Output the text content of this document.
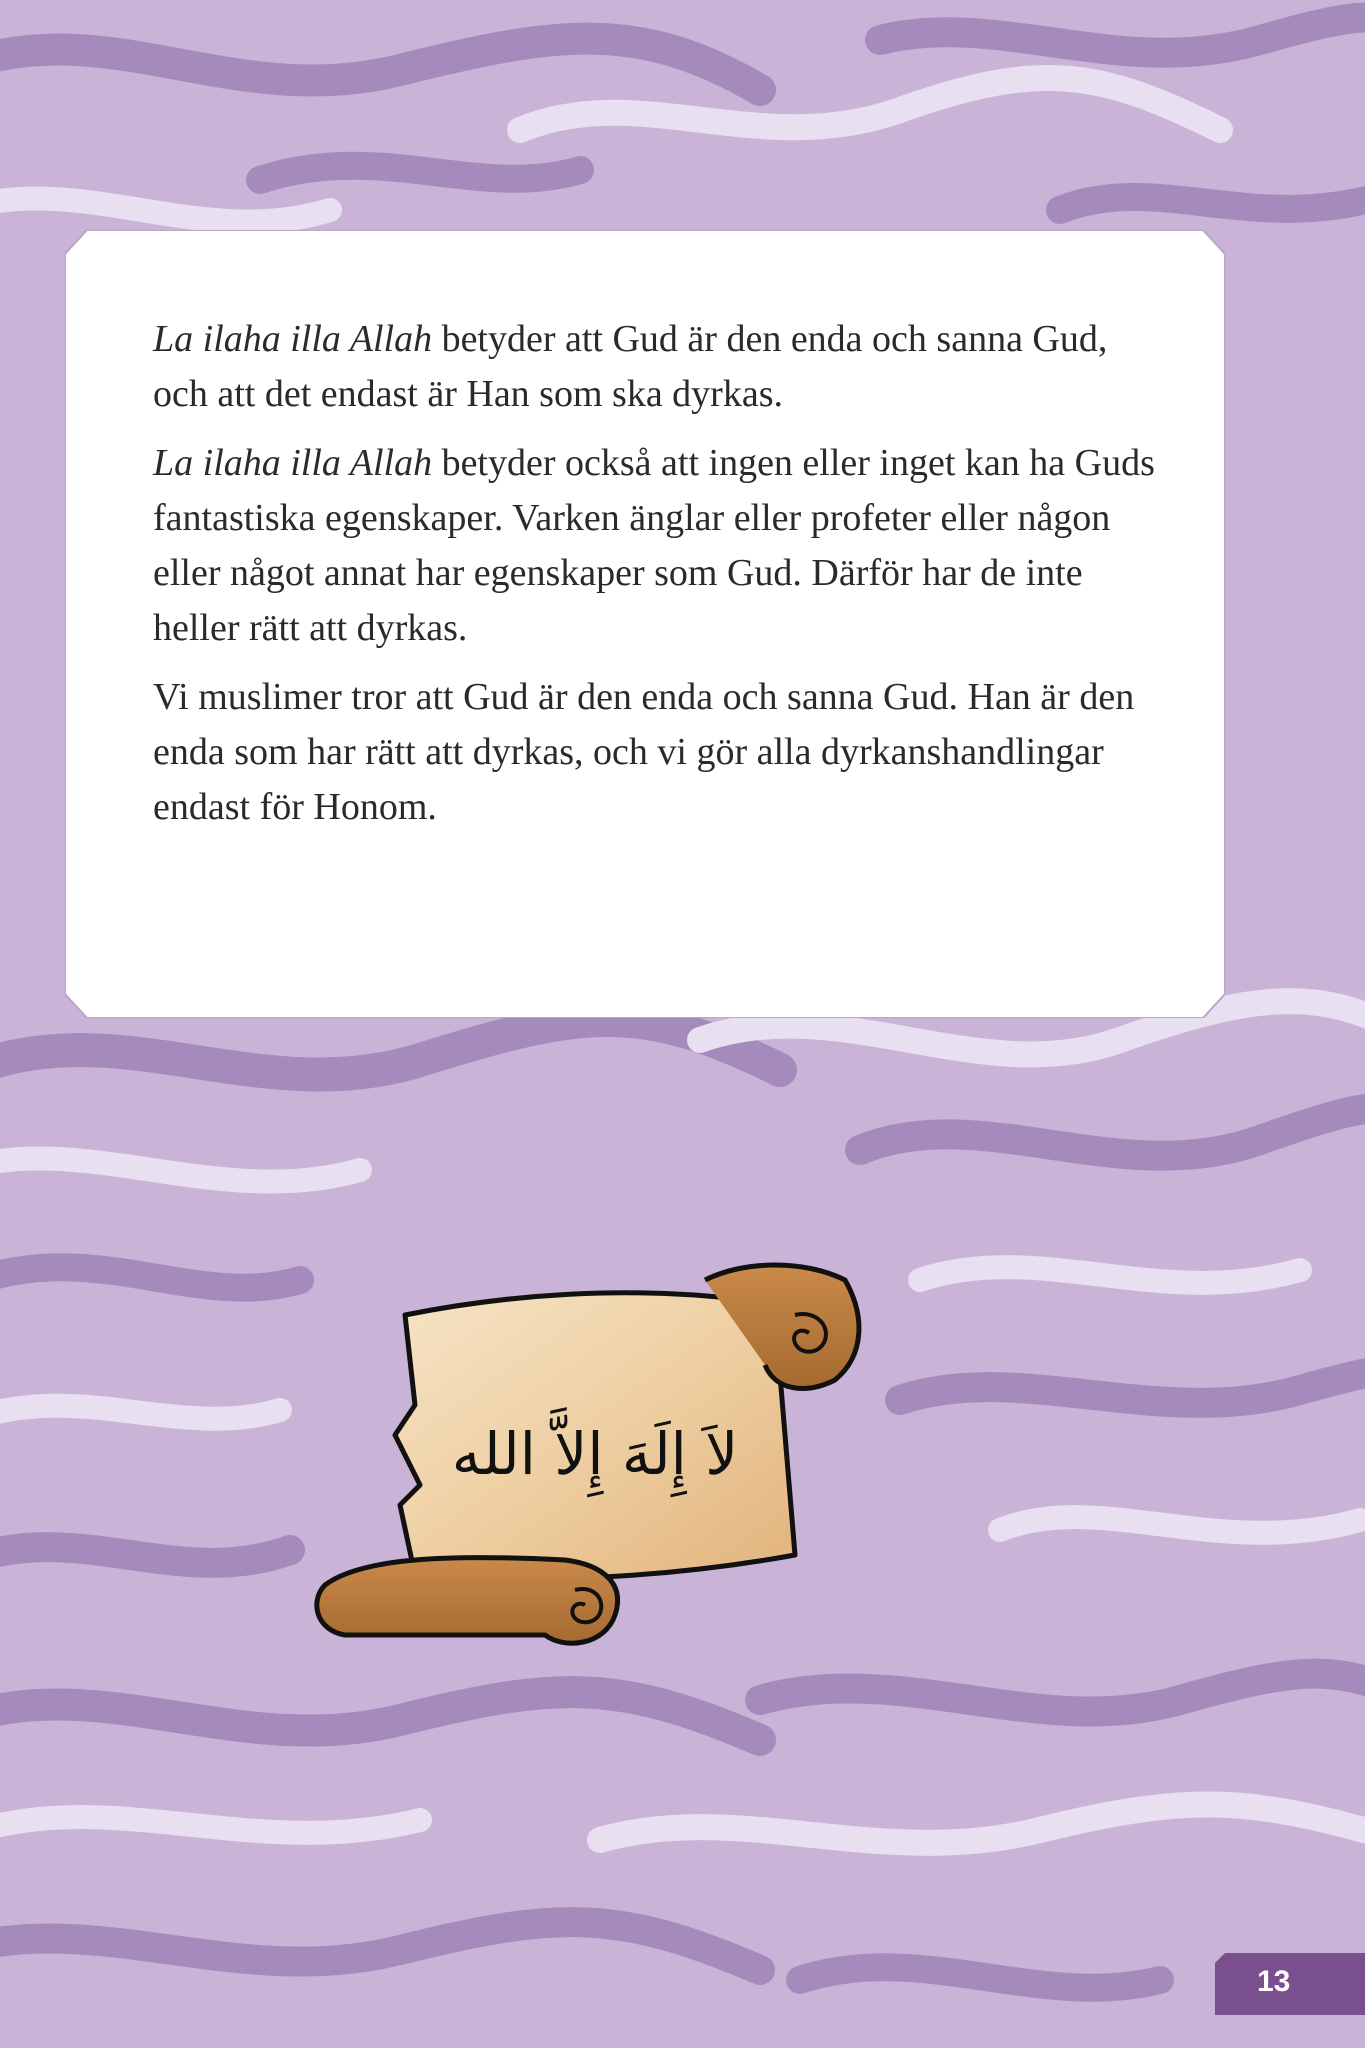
La ilaha illa Allah betyder att Gud är den enda och sanna Gud, och att det endast är Han som ska dyrkas.

La ilaha illa Allah betyder också att ingen eller inget kan ha Guds fantastiska egenskaper. Varken änglar eller profeter eller någon eller något annat har egenskaper som Gud. Därför har de inte heller rätt att dyrkas.

Vi muslimer tror att Gud är den enda och sanna Gud. Han är den enda som har rätt att dyrkas, och vi gör alla dyrkanshandlingar endast för Honom.

لاَ إِلَهَ إِلاَّ الله
13
